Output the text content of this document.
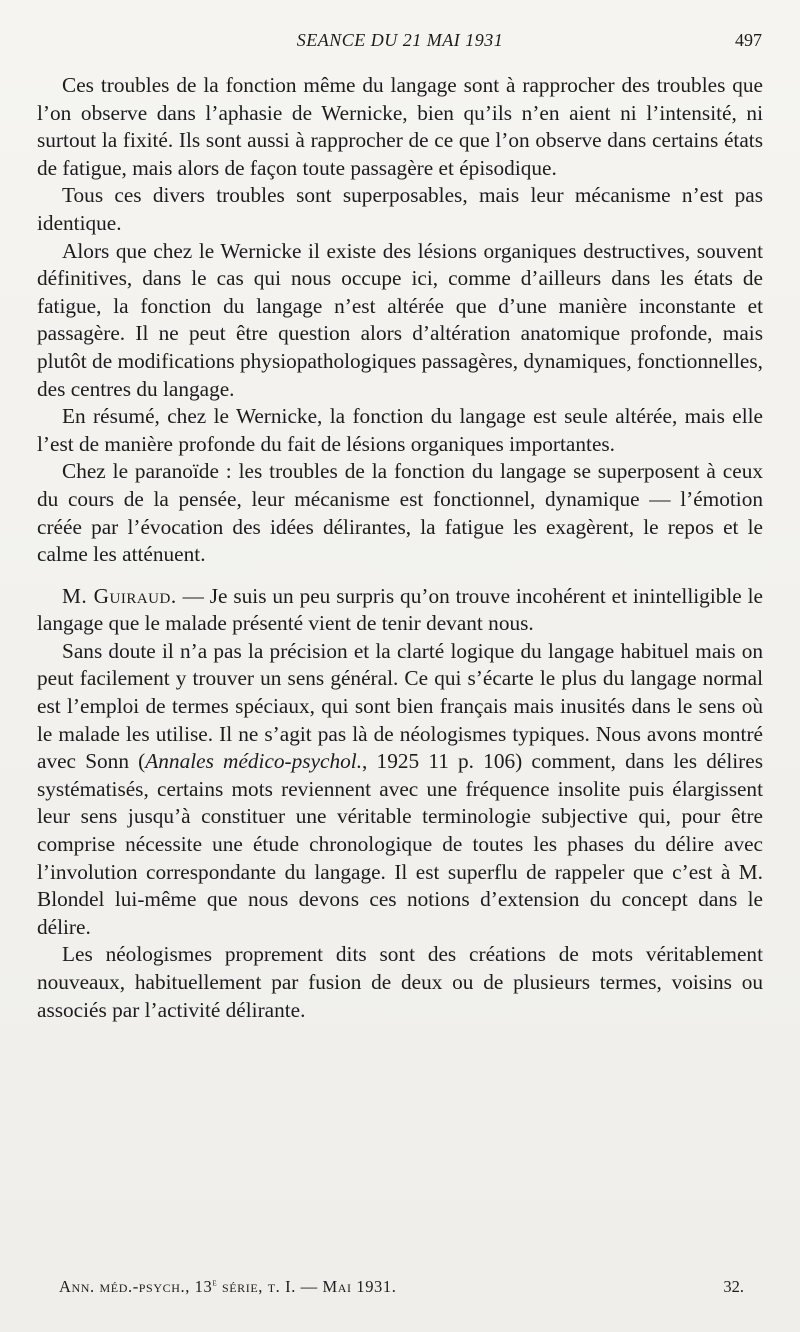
SEANCE DU 21 MAI 1931	497

Ces troubles de la fonction même du langage sont à rapprocher des troubles que l’on observe dans l’aphasie de Wernicke, bien qu’ils n’en aient ni l’intensité, ni surtout la fixité. Ils sont aussi à rapprocher de ce que l’on observe dans certains états de fatigue, mais alors de façon toute passagère et épisodique.

Tous ces divers troubles sont superposables, mais leur mécanisme n’est pas identique.

Alors que chez le Wernicke il existe des lésions organiques destructives, souvent définitives, dans le cas qui nous occupe ici, comme d’ailleurs dans les états de fatigue, la fonction du langage n’est altérée que d’une manière inconstante et passagère. Il ne peut être question alors d’altération anatomique profonde, mais plutôt de modifications physiopathologiques passagères, dynamiques, fonctionnelles, des centres du langage.

En résumé, chez le Wernicke, la fonction du langage est seule altérée, mais elle l’est de manière profonde du fait de lésions organiques importantes.

Chez le paranoïde : les troubles de la fonction du langage se superposent à ceux du cours de la pensée, leur mécanisme est fonctionnel, dynamique — l’émotion créée par l’évocation des idées délirantes, la fatigue les exagèrent, le repos et le calme les atténuent.

M. Guiraud. — Je suis un peu surpris qu’on trouve incohérent et inintelligible le langage que le malade présenté vient de tenir devant nous.

Sans doute il n’a pas la précision et la clarté logique du langage habituel mais on peut facilement y trouver un sens général. Ce qui s’écarte le plus du langage normal est l’emploi de termes spéciaux, qui sont bien français mais inusités dans le sens où le malade les utilise. Il ne s’agit pas là de néologismes typiques. Nous avons montré avec Sonn (Annales médico-psychol., 1925 11 p. 106) comment, dans les délires systématisés, certains mots reviennent avec une fréquence insolite puis élargissent leur sens jusqu’à constituer une véritable terminologie subjective qui, pour être comprise nécessite une étude chronologique de toutes les phases du délire avec l’involution correspondante du langage. Il est superflu de rappeler que c’est à M. Blondel lui-même que nous devons ces notions d’extension du concept dans le délire.

Les néologismes proprement dits sont des créations de mots véritablement nouveaux, habituellement par fusion de deux ou de plusieurs termes, voisins ou associés par l’activité délirante.

Ann. méd.-psych., 13e série, t. I. — Mai 1931.	32.
